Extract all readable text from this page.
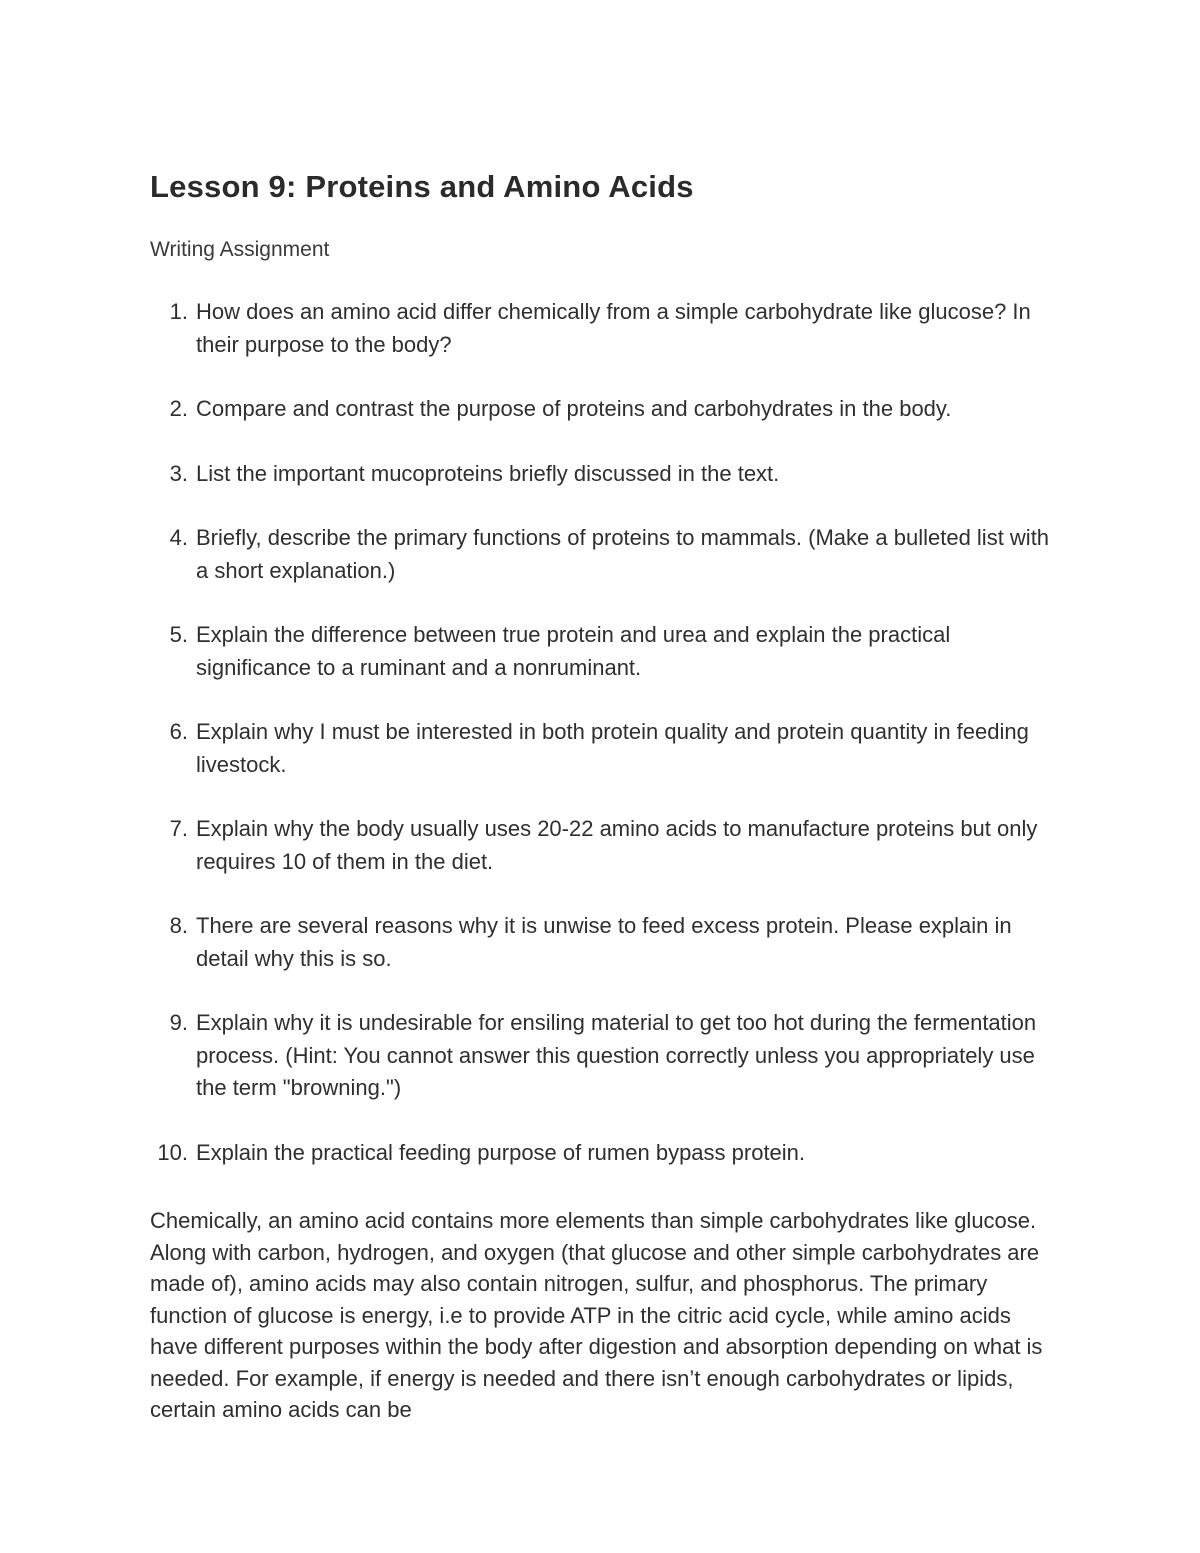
Lesson 9: Proteins and Amino Acids

Writing Assignment

1. How does an amino acid differ chemically from a simple carbohydrate like glucose? In their purpose to the body?
2. Compare and contrast the purpose of proteins and carbohydrates in the body.
3. List the important mucoproteins briefly discussed in the text.
4. Briefly, describe the primary functions of proteins to mammals. (Make a bulleted list with a short explanation.)
5. Explain the difference between true protein and urea and explain the practical significance to a ruminant and a nonruminant.
6. Explain why I must be interested in both protein quality and protein quantity in feeding livestock.
7. Explain why the body usually uses 20-22 amino acids to manufacture proteins but only requires 10 of them in the diet.
8. There are several reasons why it is unwise to feed excess protein. Please explain in detail why this is so.
9. Explain why it is undesirable for ensiling material to get too hot during the fermentation process. (Hint: You cannot answer this question correctly unless you appropriately use the term "browning.")
10. Explain the practical feeding purpose of rumen bypass protein.

Chemically, an amino acid contains more elements than simple carbohydrates like glucose. Along with carbon, hydrogen, and oxygen (that glucose and other simple carbohydrates are made of), amino acids may also contain nitrogen, sulfur, and phosphorus. The primary function of glucose is energy, i.e to provide ATP in the citric acid cycle, while amino acids have different purposes within the body after digestion and absorption depending on what is needed. For example, if energy is needed and there isn’t enough carbohydrates or lipids, certain amino acids can be
